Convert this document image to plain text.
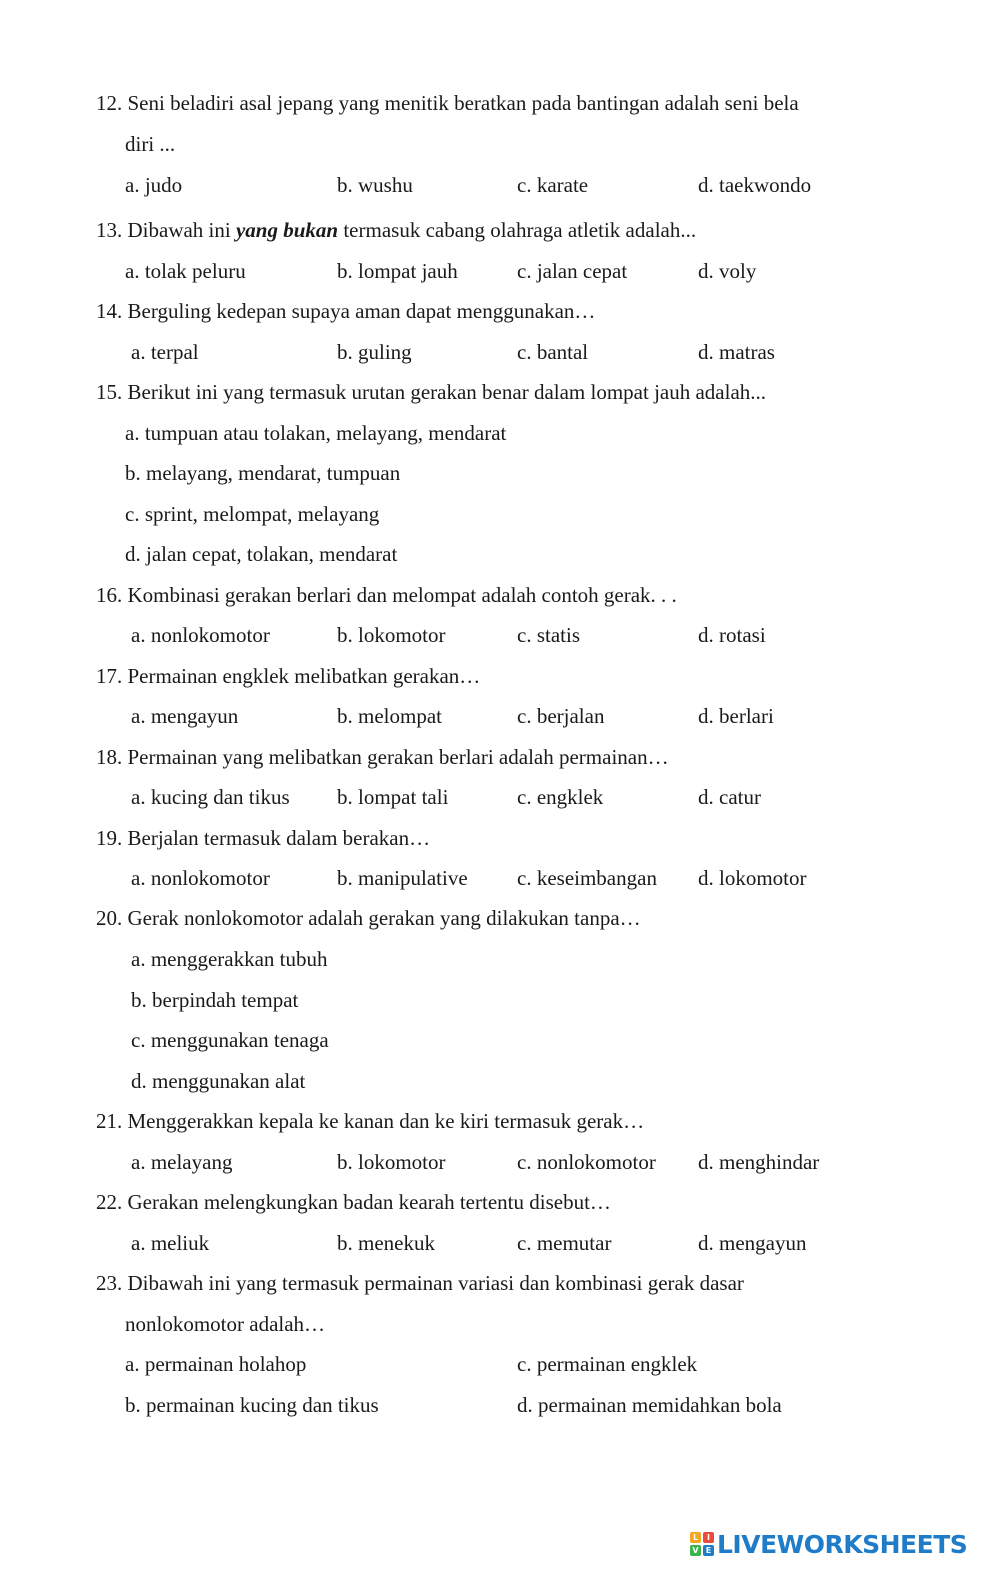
12. Seni beladiri asal jepang yang menitik beratkan pada bantingan adalah seni bela
diri ...
a. judo	b. wushu	c. karate	d. taekwondo
13. Dibawah ini yang bukan termasuk cabang olahraga atletik adalah...
a. tolak peluru	b. lompat jauh	c. jalan cepat	d. voly
14. Berguling kedepan supaya aman dapat menggunakan…
a. terpal	b. guling	c. bantal	d. matras
15. Berikut ini yang termasuk urutan gerakan benar dalam lompat jauh adalah...
a. tumpuan atau tolakan, melayang, mendarat
b. melayang, mendarat, tumpuan
c. sprint, melompat, melayang
d. jalan cepat, tolakan, mendarat
16. Kombinasi gerakan berlari dan melompat adalah contoh gerak. . .
a. nonlokomotor	b. lokomotor	c. statis	d. rotasi
17. Permainan engklek melibatkan gerakan…
a. mengayun	b. melompat	c. berjalan	d. berlari
18. Permainan yang melibatkan gerakan berlari adalah permainan…
a. kucing dan tikus b. lompat tali	c. engklek	d. catur
19. Berjalan termasuk dalam berakan…
a. nonlokomotor	b. manipulative c. keseimbangan d. lokomotor
20. Gerak nonlokomotor adalah gerakan yang dilakukan tanpa…
a. menggerakkan tubuh
b. berpindah tempat
c. menggunakan tenaga
d. menggunakan alat
21. Menggerakkan kepala ke kanan dan ke kiri termasuk gerak…
a. melayang	b. lokomotor	c. nonlokomotor d. menghindar
22. Gerakan melengkungkan badan kearah tertentu disebut…
a. meliuk	b. menekuk	c. memutar	d. mengayun
23. Dibawah ini yang termasuk permainan variasi dan kombinasi gerak dasar
nonlokomotor adalah…
a. permainan holahop	c. permainan engklek
b. permainan kucing dan tikus	d. permainan memidahkan bola
L	I
V E LIVEWORKSHEETS
